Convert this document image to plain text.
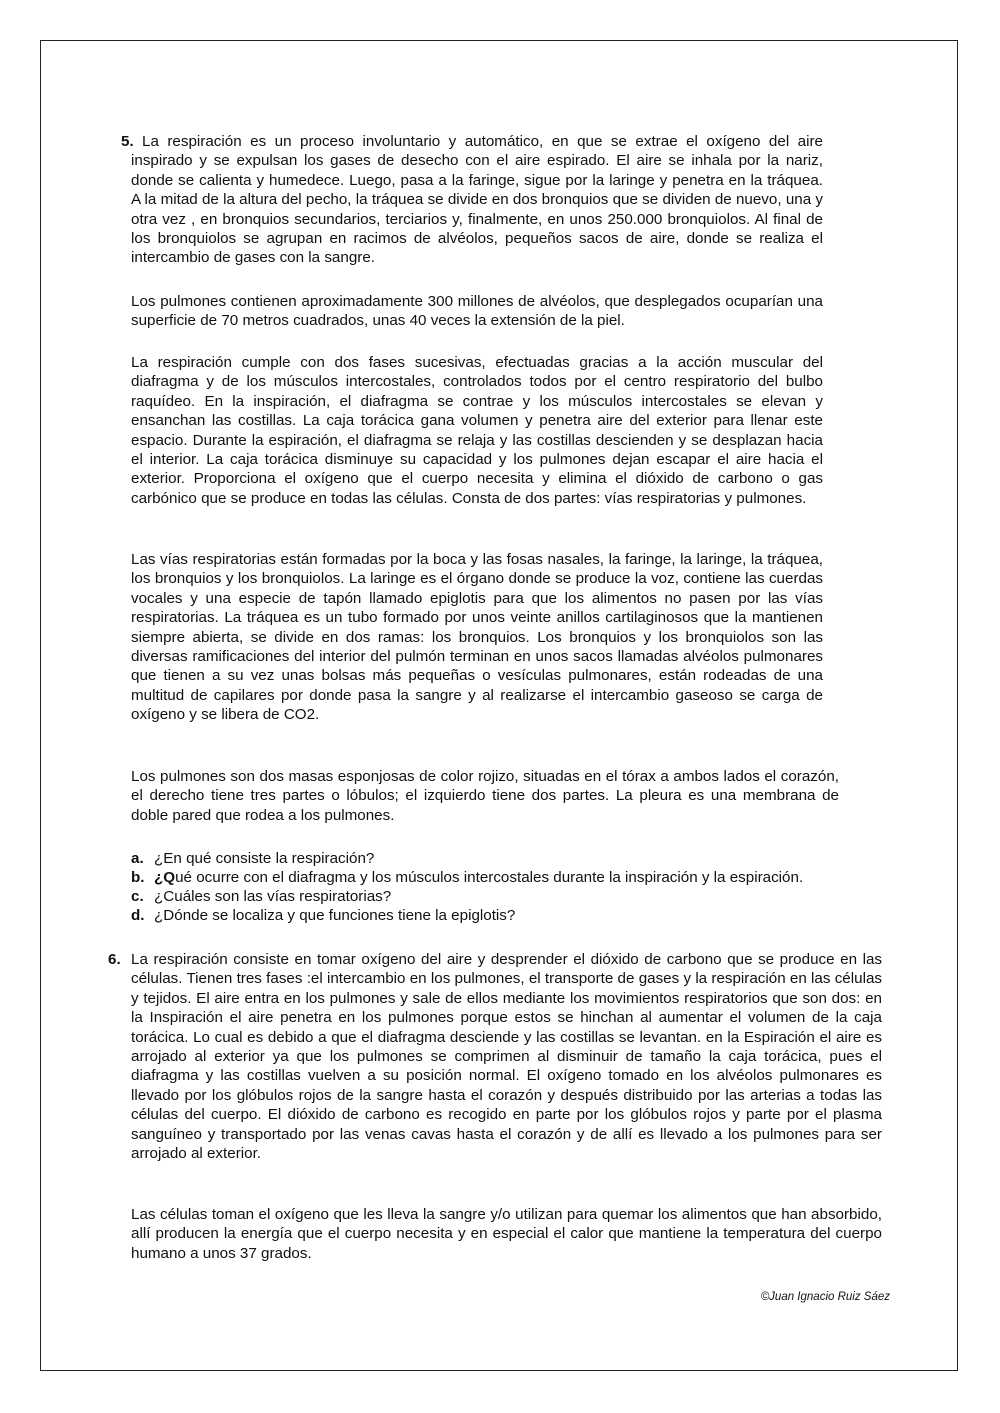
5. La respiración es un proceso involuntario y automático, en que se extrae el oxígeno del aire inspirado y se expulsan los gases de desecho con el aire espirado. El aire se inhala por la nariz, donde se calienta y humedece. Luego, pasa a la faringe, sigue por la laringe y penetra en la tráquea. A la mitad de la altura del pecho, la tráquea se divide en dos bronquios que se dividen de nuevo, una y otra vez , en bronquios secundarios, terciarios y, finalmente, en unos 250.000 bronquiolos. Al final de los bronquiolos se agrupan en racimos de alvéolos, pequeños sacos de aire, donde se realiza el intercambio de gases con la sangre.

Los pulmones contienen aproximadamente 300 millones de alvéolos, que desplegados ocuparían una superficie de 70 metros cuadrados, unas 40 veces la extensión de la piel.

La respiración cumple con dos fases sucesivas, efectuadas gracias a la acción muscular del diafragma y de los músculos intercostales, controlados todos por el centro respiratorio del bulbo raquídeo. En la inspiración, el diafragma se contrae y los músculos intercostales se elevan y ensanchan las costillas. La caja torácica gana volumen y penetra aire del exterior para llenar este espacio. Durante la espiración, el diafragma se relaja y las costillas descienden y se desplazan hacia el interior. La caja torácica disminuye su capacidad y los pulmones dejan escapar el aire hacia el exterior. Proporciona el oxígeno que el cuerpo necesita y elimina el dióxido de carbono o gas carbónico que se produce en todas las células. Consta de dos partes: vías respiratorias y pulmones.

Las vías respiratorias están formadas por la boca y las fosas nasales, la faringe, la laringe, la tráquea, los bronquios y los bronquiolos. La laringe es el órgano donde se produce la voz, contiene las cuerdas vocales y una especie de tapón llamado epiglotis para que los alimentos no pasen por las vías respiratorias. La tráquea es un tubo formado por unos veinte anillos cartilaginosos que la mantienen siempre abierta, se divide en dos ramas: los bronquios. Los bronquios y los bronquiolos son las diversas ramificaciones del interior del pulmón terminan en unos sacos llamadas alvéolos pulmonares que tienen a su vez unas bolsas más pequeñas o vesículas pulmonares, están rodeadas de una multitud de capilares por donde pasa la sangre y al realizarse el intercambio gaseoso se carga de oxígeno y se libera de CO2.

Los pulmones son dos masas esponjosas de color rojizo, situadas en el tórax a ambos lados el corazón, el derecho tiene tres partes o lóbulos; el izquierdo tiene dos partes. La pleura es una membrana de doble pared que rodea a los pulmones.

a. ¿En qué consiste la respiración?
b. ¿Qué ocurre con el diafragma y los músculos intercostales durante la inspiración y la espiración.
c. ¿Cuáles son las vías respiratorias?
d. ¿Dónde se localiza y que funciones tiene la epiglotis?
6. La respiración consiste en tomar oxígeno del aire y desprender el dióxido de carbono que se produce en las células. Tienen tres fases :el intercambio en los pulmones, el transporte de gases y la respiración en las células y tejidos. El aire entra en los pulmones y sale de ellos mediante los movimientos respiratorios que son dos: en la Inspiración el aire penetra en los pulmones porque estos se hinchan al aumentar el volumen de la caja torácica. Lo cual es debido a que el diafragma desciende y las costillas se levantan. en la Espiración el aire es arrojado al exterior ya que los pulmones se comprimen al disminuir de tamaño la caja torácica, pues el diafragma y las costillas vuelven a su posición normal. El oxígeno tomado en los alvéolos pulmonares es llevado por los glóbulos rojos de la sangre hasta el corazón y después distribuido por las arterias a todas las células del cuerpo. El dióxido de carbono es recogido en parte por los glóbulos rojos y parte por el plasma sanguíneo y transportado por las venas cavas hasta el corazón y de allí es llevado a los pulmones para ser arrojado al exterior.

Las células toman el oxígeno que les lleva la sangre y/o utilizan para quemar los alimentos que han absorbido, allí producen la energía que el cuerpo necesita y en especial el calor que mantiene la temperatura del cuerpo humano a unos 37 grados.

©Juan Ignacio Ruiz Sáez
